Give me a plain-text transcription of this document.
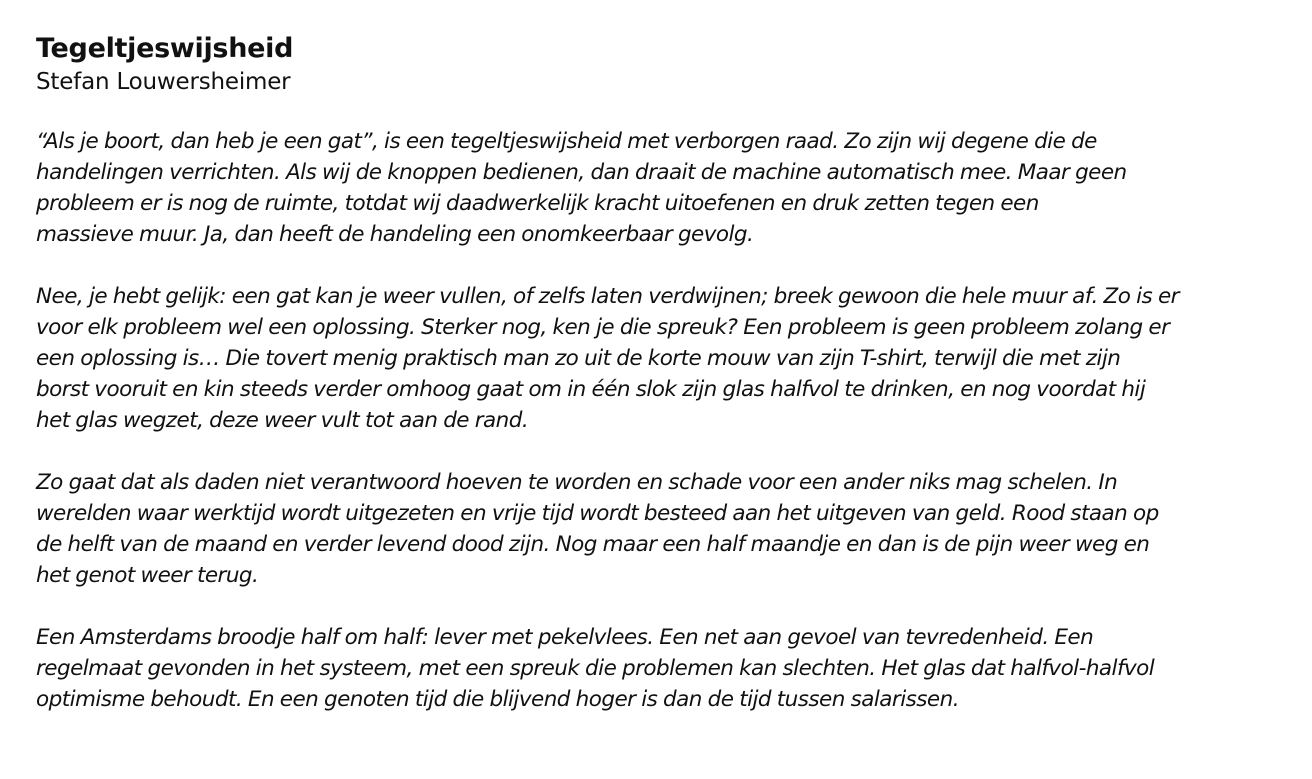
Tegeltjeswijsheid

Stefan Louwersheimer

“Als je boort, dan heb je een gat”, is een tegeltjeswijsheid met verborgen raad. Zo zijn wij degene die de
handelingen verrichten. Als wij de knoppen bedienen, dan draait de machine automatisch mee. Maar geen
probleem er is nog de ruimte, totdat wij daadwerkelijk kracht uitoefenen en druk zetten tegen een
massieve muur. Ja, dan heeft de handeling een onomkeerbaar gevolg.

Nee, je hebt gelijk: een gat kan je weer vullen, of zelfs laten verdwijnen; breek gewoon die hele muur af. Zo is er
voor elk probleem wel een oplossing. Sterker nog, ken je die spreuk? Een probleem is geen probleem zolang er
een oplossing is… Die tovert menig praktisch man zo uit de korte mouw van zijn T-shirt, terwijl die met zijn
borst vooruit en kin steeds verder omhoog gaat om in één slok zijn glas halfvol te drinken, en nog voordat hij
het glas wegzet, deze weer vult tot aan de rand.

Zo gaat dat als daden niet verantwoord hoeven te worden en schade voor een ander niks mag schelen. In
werelden waar werktijd wordt uitgezeten en vrije tijd wordt besteed aan het uitgeven van geld. Rood staan op
de helft van de maand en verder levend dood zijn. Nog maar een half maandje en dan is de pijn weer weg en
het genot weer terug.

Een Amsterdams broodje half om half: lever met pekelvlees. Een net aan gevoel van tevredenheid. Een
regelmaat gevonden in het systeem, met een spreuk die problemen kan slechten. Het glas dat halfvol-halfvol
optimisme behoudt. En een genoten tijd die blijvend hoger is dan de tijd tussen salarissen.
